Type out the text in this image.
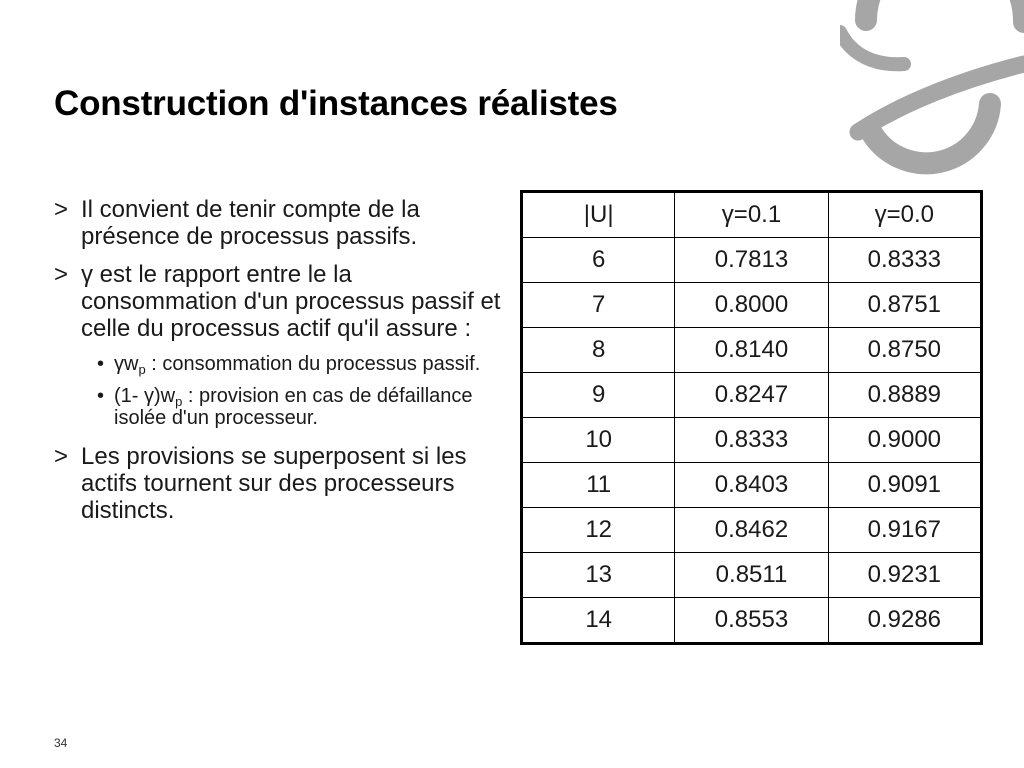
Construction d'instances réalistes
> Il convient de tenir compte de la présence de processus passifs.
> γ est le rapport entre le la consommation d'un processus passif et celle du processus actif qu'il assure :
• $\gamma w_p$ : consommation du processus passif.
• (1- $\gamma)w_p$ : provision en cas de défaillance isolée d'un processeur.
> Les provisions se superposent si les actifs tournent sur des processeurs distincts.
|U|	γ=0.1	γ=0.0
6	0.7813	0.8333
7	0.8000	0.8751
8	0.8140	0.8750
9	0.8247	0.8889
10	0.8333	0.9000
11	0.8403	0.9091
12	0.8462	0.9167
13	0.8511	0.9231
14	0.8553	0.9286
34
